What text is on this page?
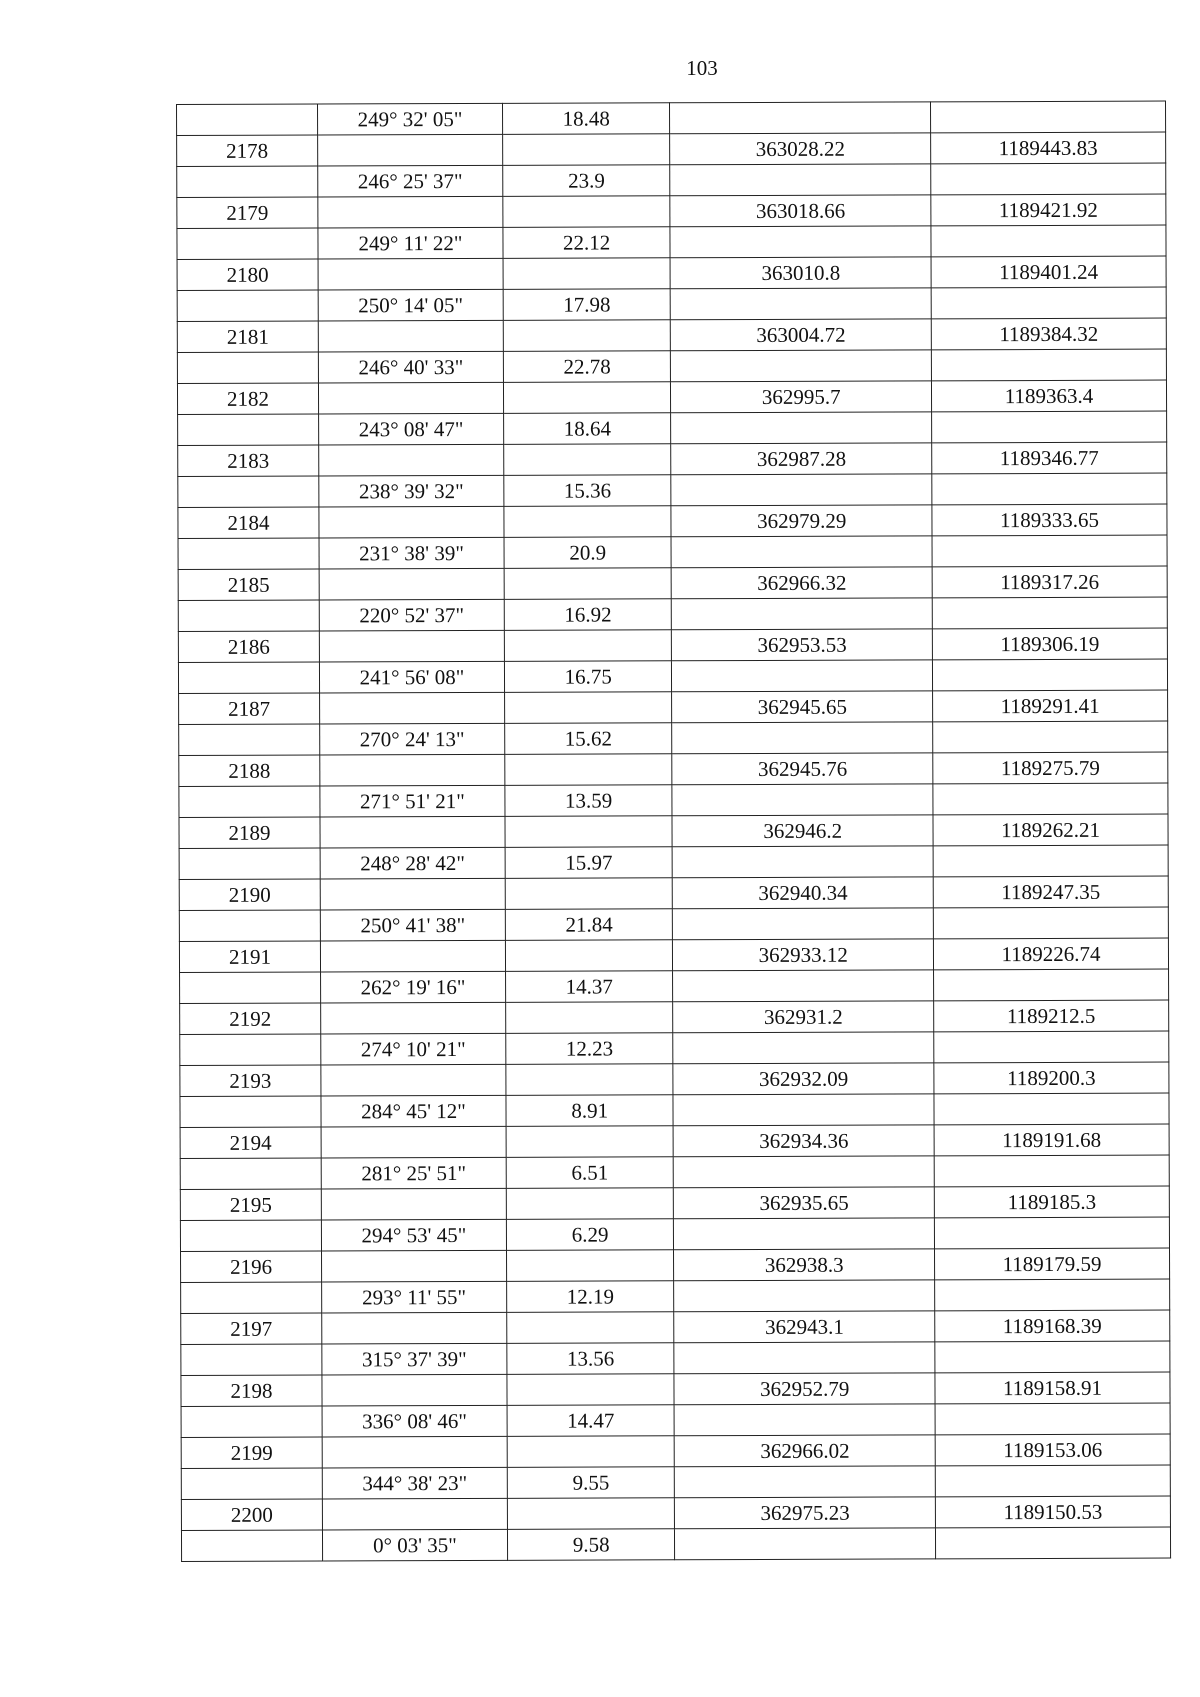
103
	249° 32' 05"	18.48		
2178			363028.22	1189443.83
	246° 25' 37"	23.9		
2179			363018.66	1189421.92
	249° 11' 22"	22.12		
2180			363010.8	1189401.24
	250° 14' 05"	17.98		
2181			363004.72	1189384.32
	246° 40' 33"	22.78		
2182			362995.7	1189363.4
	243° 08' 47"	18.64		
2183			362987.28	1189346.77
	238° 39' 32"	15.36		
2184			362979.29	1189333.65
	231° 38' 39"	20.9		
2185			362966.32	1189317.26
	220° 52' 37"	16.92		
2186			362953.53	1189306.19
	241° 56' 08"	16.75		
2187			362945.65	1189291.41
	270° 24' 13"	15.62		
2188			362945.76	1189275.79
	271° 51' 21"	13.59		
2189			362946.2	1189262.21
	248° 28' 42"	15.97		
2190			362940.34	1189247.35
	250° 41' 38"	21.84		
2191			362933.12	1189226.74
	262° 19' 16"	14.37		
2192			362931.2	1189212.5
	274° 10' 21"	12.23		
2193			362932.09	1189200.3
	284° 45' 12"	8.91		
2194			362934.36	1189191.68
	281° 25' 51"	6.51		
2195			362935.65	1189185.3
	294° 53' 45"	6.29		
2196			362938.3	1189179.59
	293° 11' 55"	12.19		
2197			362943.1	1189168.39
	315° 37' 39"	13.56		
2198			362952.79	1189158.91
	336° 08' 46"	14.47		
2199			362966.02	1189153.06
	344° 38' 23"	9.55		
2200			362975.23	1189150.53
	0° 03' 35"	9.58		
